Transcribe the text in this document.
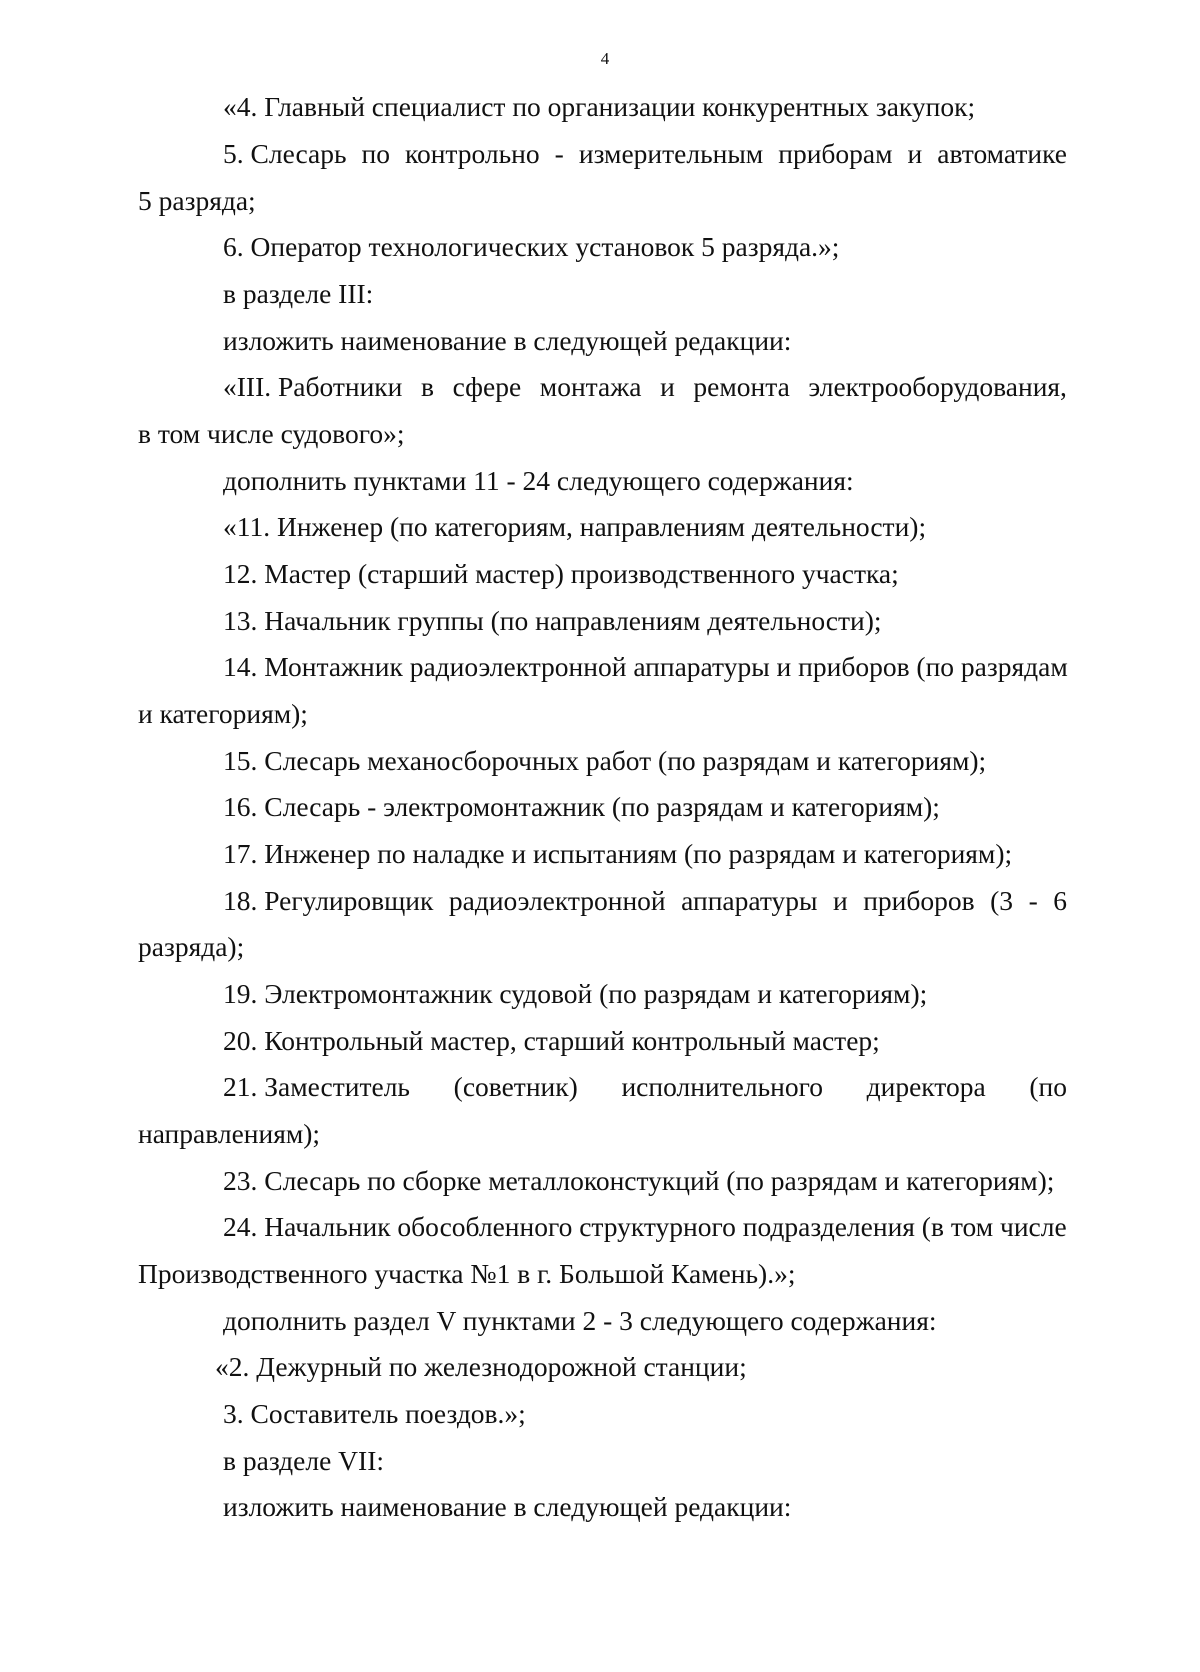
4
«4. Главный специалист по организации конкурентных закупок;
5. Слесарь по контрольно - измерительным приборам и автоматике
5 разряда;
6. Оператор технологических установок 5 разряда.»;
в разделе III:
изложить наименование в следующей редакции:
«III. Работники в сфере монтажа и ремонта электрооборудования,
в том числе судового»;
дополнить пунктами 11 - 24 следующего содержания:
«11. Инженер (по категориям, направлениям деятельности);
12. Мастер (старший мастер) производственного участка;
13. Начальник группы (по направлениям деятельности);
14. Монтажник радиоэлектронной аппаратуры и приборов (по разрядам
и категориям);
15. Слесарь механосборочных работ (по разрядам и категориям);
16. Слесарь - электромонтажник (по разрядам и категориям);
17. Инженер по наладке и испытаниям (по разрядам и категориям);
18. Регулировщик радиоэлектронной аппаратуры и приборов (3 - 6
разряда);
19. Электромонтажник судовой (по разрядам и категориям);
20. Контрольный мастер, старший контрольный мастер;
21. Заместитель (советник) исполнительного директора (по
направлениям);
23. Слесарь по сборке металлоконстукций (по разрядам и категориям);
24. Начальник обособленного структурного подразделения (в том числе
Производственного участка №1 в г. Большой Камень).»;
дополнить раздел V пунктами 2 - 3 следующего содержания:
«2. Дежурный по железнодорожной станции;
3. Составитель поездов.»;
в разделе VII:
изложить наименование в следующей редакции:
